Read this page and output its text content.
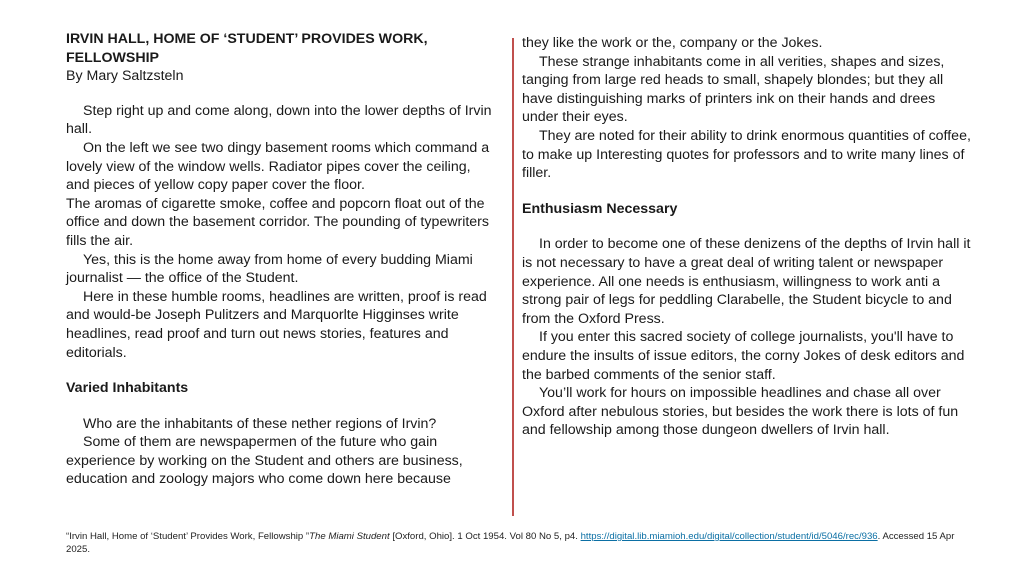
IRVIN HALL, HOME OF ‘STUDENT’ PROVIDES WORK, FELLOWSHIP
By Mary Saltzsteln

Step right up and come along, down into the lower depths of Irvin hall.

On the left we see two dingy basement rooms which command a lovely view of the window wells. Radiator pipes cover the ceiling, and pieces of yellow copy paper cover the floor.

The aromas of cigarette smoke, coffee and popcorn float out of the office and down the basement corridor. The pounding of typewriters fills the air.

Yes, this is the home away from home of every budding Miami journalist — the office of the Student.

Here in these humble rooms, headlines are written, proof is read and would-be Joseph Pulitzers and Marquorlte Higginses write headlines, read proof and turn out news stories, features and editorials.

Varied Inhabitants

Who are the inhabitants of these nether regions of Irvin?

Some of them are newspapermen of the future who gain experience by working on the Student and others are business, education and zoology majors who come down here because

they like the work or the, company or the Jokes.

These strange inhabitants come in all verities, shapes and sizes, tanging from large red heads to small, shapely blondes; but they all have distinguishing marks of printers ink on their hands and drees under their eyes.

They are noted for their ability to drink enormous quantities of coffee, to make up Interesting quotes for professors and to write many lines of filler.

Enthusiasm Necessary

In order to become one of these denizens of the depths of Irvin hall it is not necessary to have a great deal of writing talent or newspaper experience. All one needs is enthusiasm, willingness to work anti a strong pair of legs for peddling Clarabelle, the Student bicycle to and from the Oxford Press.

If you enter this sacred society of college journalists, you'll have to endure the insults of issue editors, the corny Jokes of desk editors and the barbed comments of the senior staff.

You’ll work for hours on impossible headlines and chase all over Oxford after nebulous stories, but besides the work there is lots of fun and fellowship among those dungeon dwellers of Irvin hall.

“Irvin Hall, Home of ‘Student’ Provides Work, Fellowship ”The Miami Student [Oxford, Ohio]. 1 Oct 1954. Vol 80 No 5, p4. https://digital.lib.miamioh.edu/digital/collection/student/id/5046/rec/936. Accessed 15 Apr 2025.
